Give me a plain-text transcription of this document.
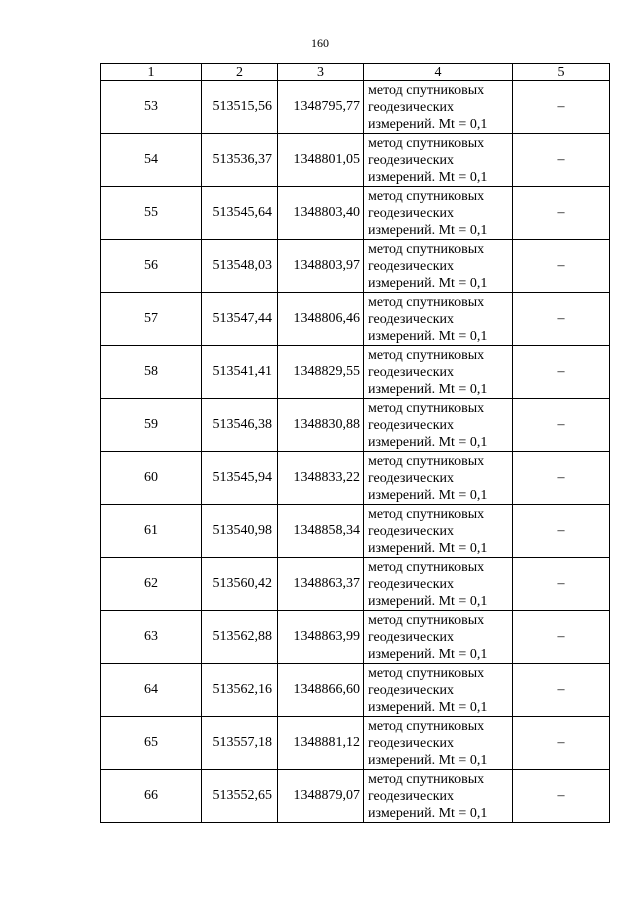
160
1	2	3	4	5
53	513515,56	1348795,77	метод спутниковых
геодезических
измерений. Mt = 0,1	–
54	513536,37	1348801,05	метод спутниковых
геодезических
измерений. Mt = 0,1	–
55	513545,64	1348803,40	метод спутниковых
геодезических
измерений. Mt = 0,1	–
56	513548,03	1348803,97	метод спутниковых
геодезических
измерений. Mt = 0,1	–
57	513547,44	1348806,46	метод спутниковых
геодезических
измерений. Mt = 0,1	–
58	513541,41	1348829,55	метод спутниковых
геодезических
измерений. Mt = 0,1	–
59	513546,38	1348830,88	метод спутниковых
геодезических
измерений. Mt = 0,1	–
60	513545,94	1348833,22	метод спутниковых
геодезических
измерений. Mt = 0,1	–
61	513540,98	1348858,34	метод спутниковых
геодезических
измерений. Mt = 0,1	–
62	513560,42	1348863,37	метод спутниковых
геодезических
измерений. Mt = 0,1	–
63	513562,88	1348863,99	метод спутниковых
геодезических
измерений. Mt = 0,1	–
64	513562,16	1348866,60	метод спутниковых
геодезических
измерений. Mt = 0,1	–
65	513557,18	1348881,12	метод спутниковых
геодезических
измерений. Mt = 0,1	–
66	513552,65	1348879,07	метод спутниковых
геодезических
измерений. Mt = 0,1	–
